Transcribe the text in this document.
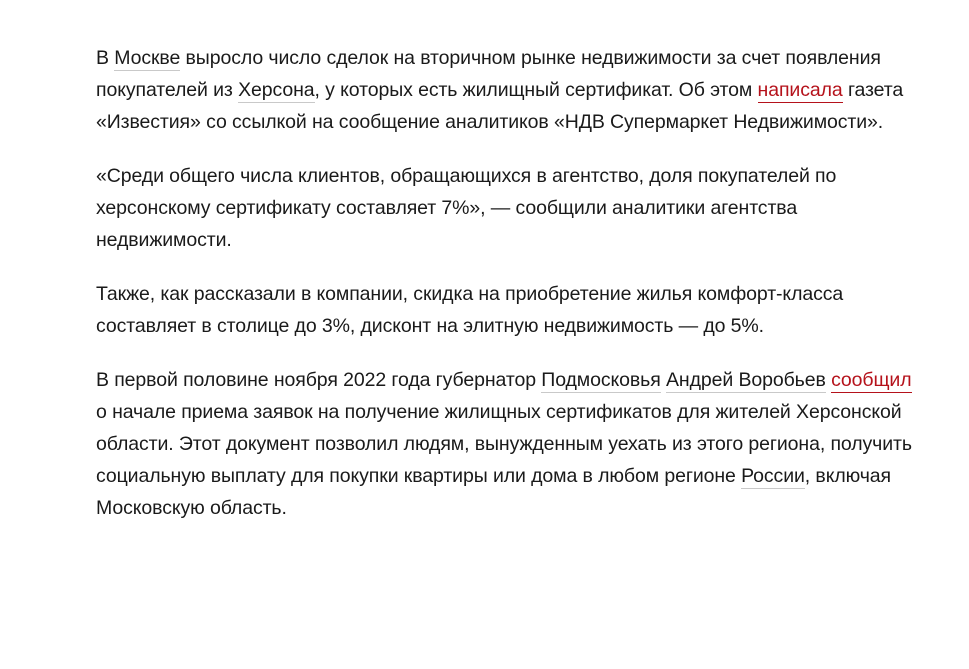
В Москве выросло число сделок на вторичном рынке недвижимости за счет появления покупателей из Херсона, у которых есть жилищный сертификат. Об этом написала газета «Известия» со ссылкой на сообщение аналитиков «НДВ Супермаркет Недвижимости».

«Среди общего числа клиентов, обращающихся в агентство, доля покупателей по херсонскому сертификату составляет 7%», — сообщили аналитики агентства недвижимости.

Также, как рассказали в компании, скидка на приобретение жилья комфорт-класса составляет в столице до 3%, дисконт на элитную недвижимость — до 5%.

В первой половине ноября 2022 года губернатор Подмосковья Андрей Воробьев сообщил о начале приема заявок на получение жилищных сертификатов для жителей Херсонской области. Этот документ позволил людям, вынужденным уехать из этого региона, получить социальную выплату для покупки квартиры или дома в любом регионе России, включая Московскую область.
